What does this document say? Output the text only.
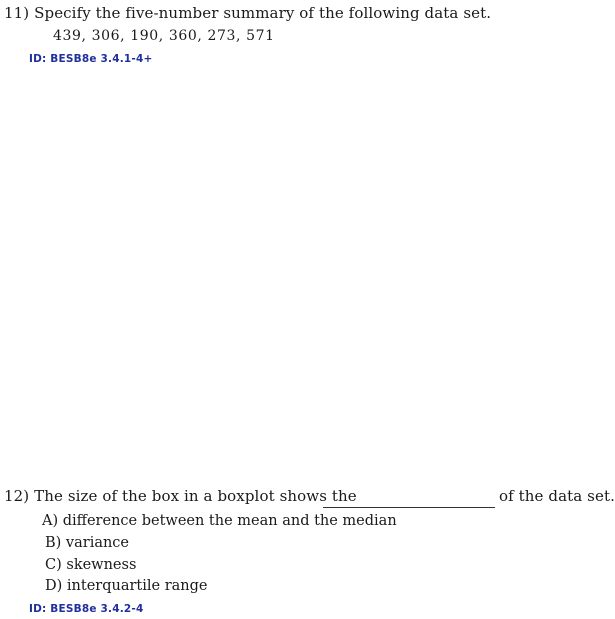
11) Specify the five-number summary of the following data set.
439, 306, 190, 360, 273, 571
ID: BESB8e 3.4.1-4+
12) The size of the box in a boxplot shows the	of the data set.
A) difference between the mean and the median
B) variance
C) skewness
D) interquartile range
ID: BESB8e 3.4.2-4
